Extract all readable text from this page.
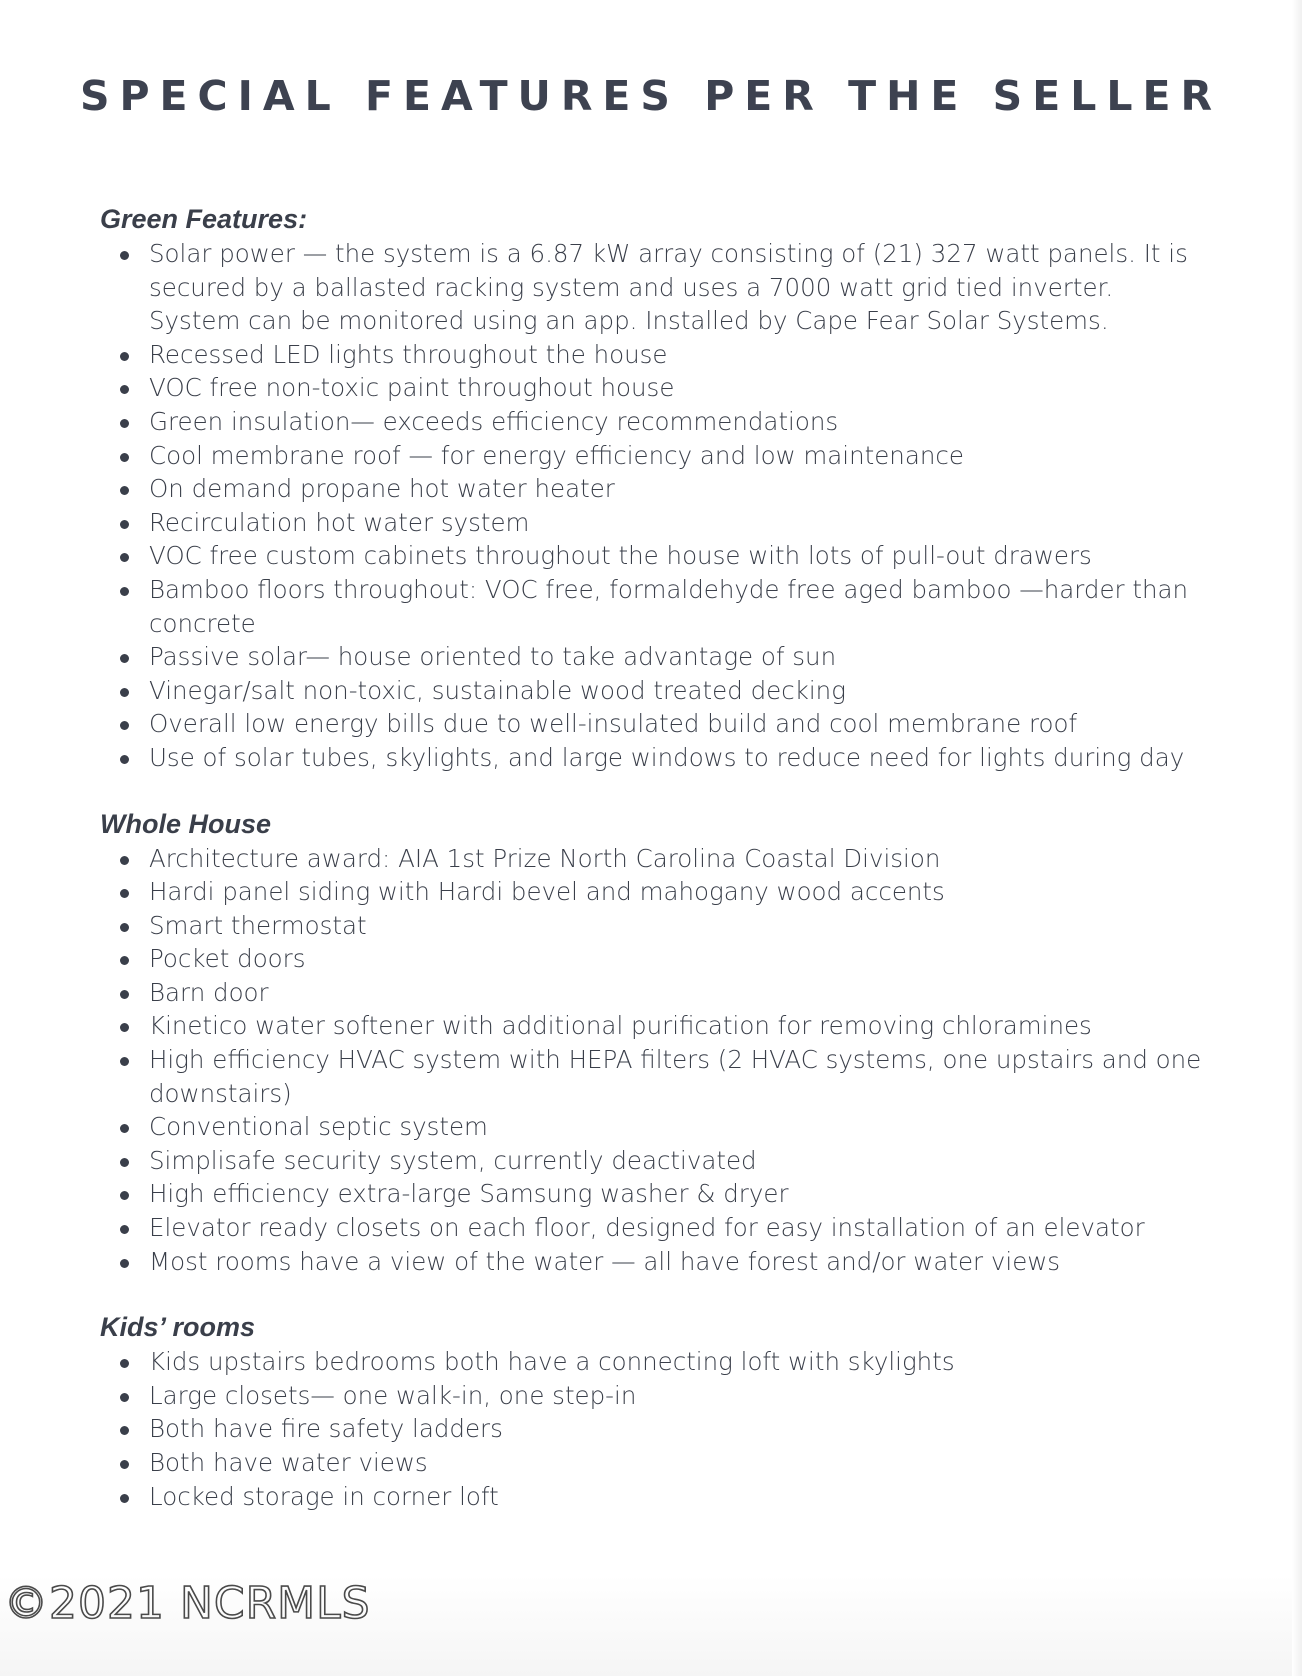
SPECIAL FEATURES PER THE SELLER
Green Features:
Solar power — the system is a 6.87 kW array consisting of (21) 327 watt panels. It is secured by a ballasted racking system and uses a 7000 watt grid tied inverter. System can be monitored using an app. Installed by Cape Fear Solar Systems.
Recessed LED lights throughout the house
VOC free non-toxic paint throughout house
Green insulation— exceeds efficiency recommendations
Cool membrane roof — for energy efficiency and low maintenance
On demand propane hot water heater
Recirculation hot water system
VOC free custom cabinets throughout the house with lots of pull-out drawers
Bamboo floors throughout: VOC free, formaldehyde free aged bamboo —harder than concrete
Passive solar— house oriented to take advantage of sun
Vinegar/salt non-toxic, sustainable wood treated decking
Overall low energy bills due to well-insulated build and cool membrane roof
Use of solar tubes, skylights, and large windows to reduce need for lights during day
Whole House
Architecture award: AIA 1st Prize North Carolina Coastal Division
Hardi panel siding with Hardi bevel and mahogany wood accents
Smart thermostat
Pocket doors
Barn door
Kinetico water softener with additional purification for removing chloramines
High efficiency HVAC system with HEPA filters (2 HVAC systems, one upstairs and one downstairs)
Conventional septic system
Simplisafe security system, currently deactivated
High efficiency extra-large Samsung washer & dryer
Elevator ready closets on each floor, designed for easy installation of an elevator
Most rooms have a view of the water — all have forest and/or water views
Kids’ rooms
Kids upstairs bedrooms both have a connecting loft with skylights
Large closets— one walk-in, one step-in
Both have fire safety ladders
Both have water views
Locked storage in corner loft
©2021 NCRMLS
